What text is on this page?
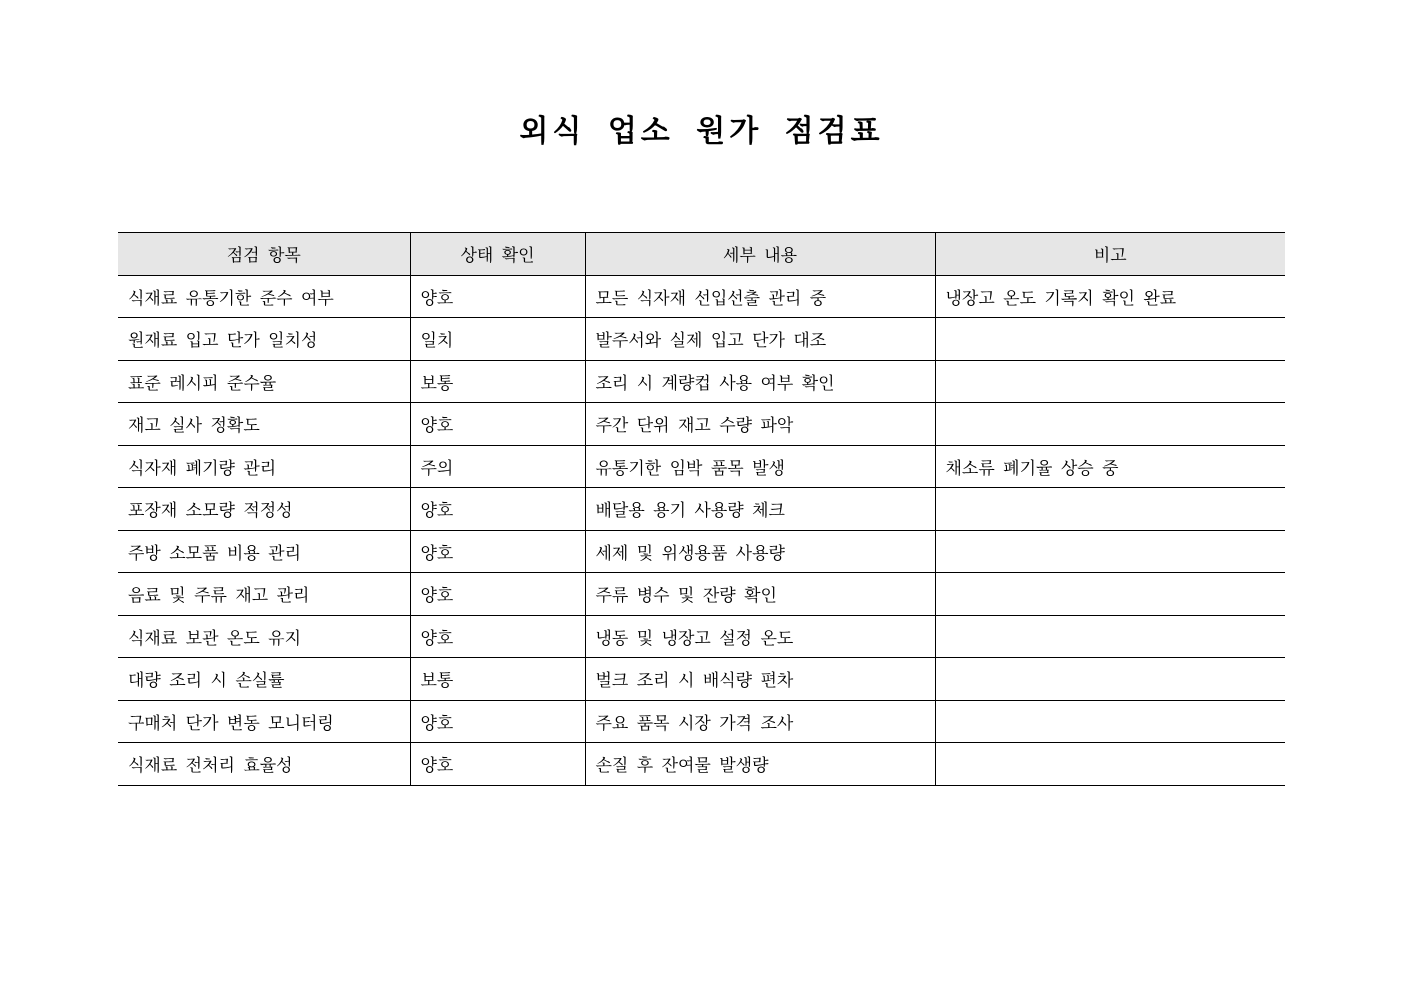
외식 업소 원가 점검표
점검 항목	상태 확인	세부 내용	비고
식재료 유통기한 준수 여부	양호	모든 식자재 선입선출 관리 중	냉장고 온도 기록지 확인 완료
원재료 입고 단가 일치성	일치	발주서와 실제 입고 단가 대조	
표준 레시피 준수율	보통	조리 시 계량컵 사용 여부 확인	
재고 실사 정확도	양호	주간 단위 재고 수량 파악	
식자재 폐기량 관리	주의	유통기한 임박 품목 발생	채소류 폐기율 상승 중
포장재 소모량 적정성	양호	배달용 용기 사용량 체크	
주방 소모품 비용 관리	양호	세제 및 위생용품 사용량	
음료 및 주류 재고 관리	양호	주류 병수 및 잔량 확인	
식재료 보관 온도 유지	양호	냉동 및 냉장고 설정 온도	
대량 조리 시 손실률	보통	벌크 조리 시 배식량 편차	
구매처 단가 변동 모니터링	양호	주요 품목 시장 가격 조사	
식재료 전처리 효율성	양호	손질 후 잔여물 발생량	
